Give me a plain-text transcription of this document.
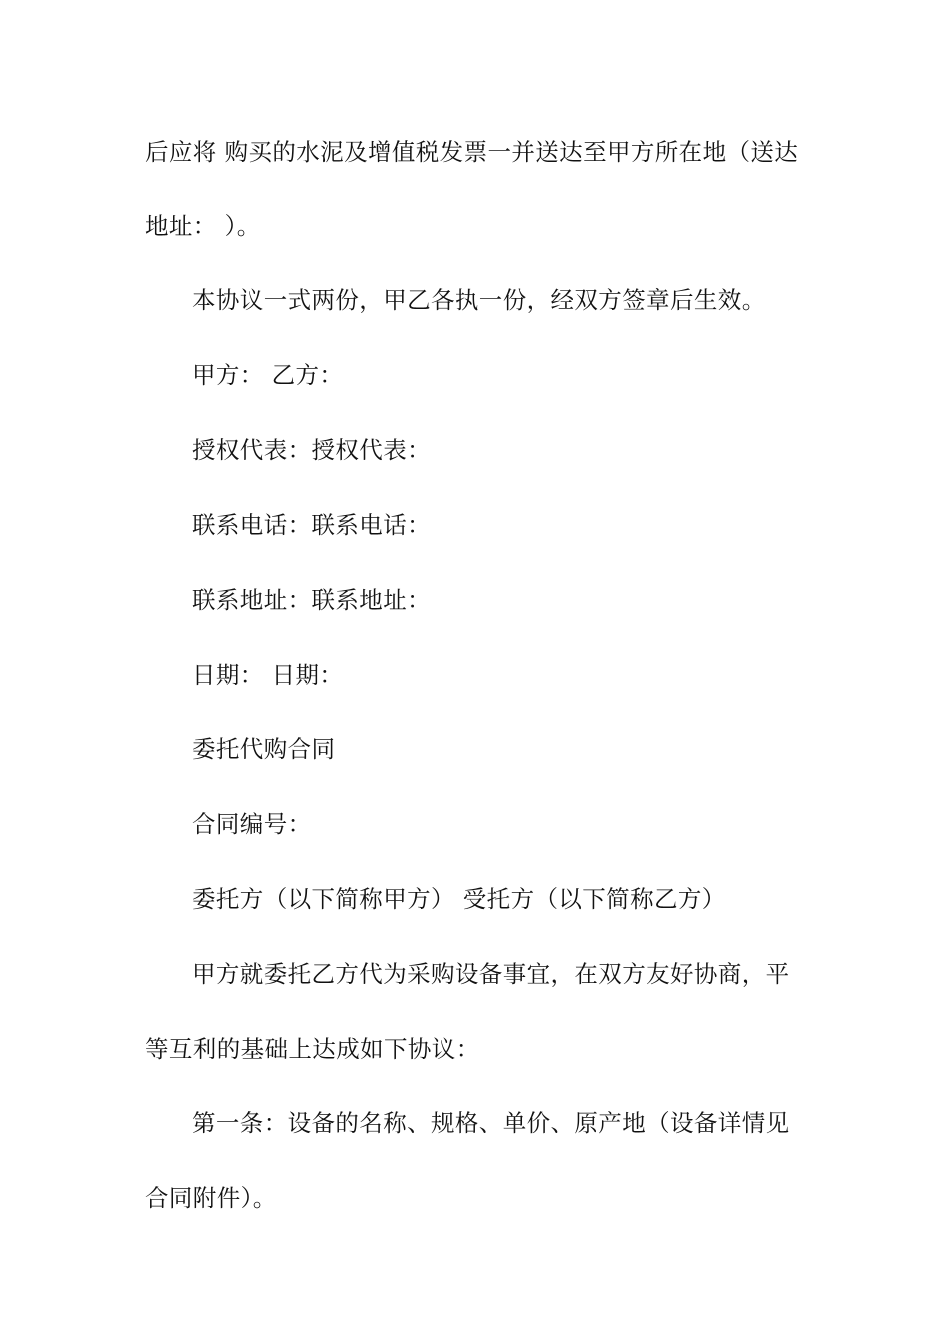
后应将 购买的水泥及增值税发票一并送达至甲方所在地（送达
地址： ）。
本协议一式两份，甲乙各执一份，经双方签章后生效。
甲方： 乙方：
授权代表：授权代表：
联系电话：联系电话：
联系地址：联系地址：
日期： 日期：
委托代购合同
合同编号：
委托方（以下简称甲方） 受托方（以下简称乙方）
甲方就委托乙方代为采购设备事宜，在双方友好协商，平
等互利的基础上达成如下协议：
第一条：设备的名称、规格、单价、原产地（设备详情见
合同附件）。
